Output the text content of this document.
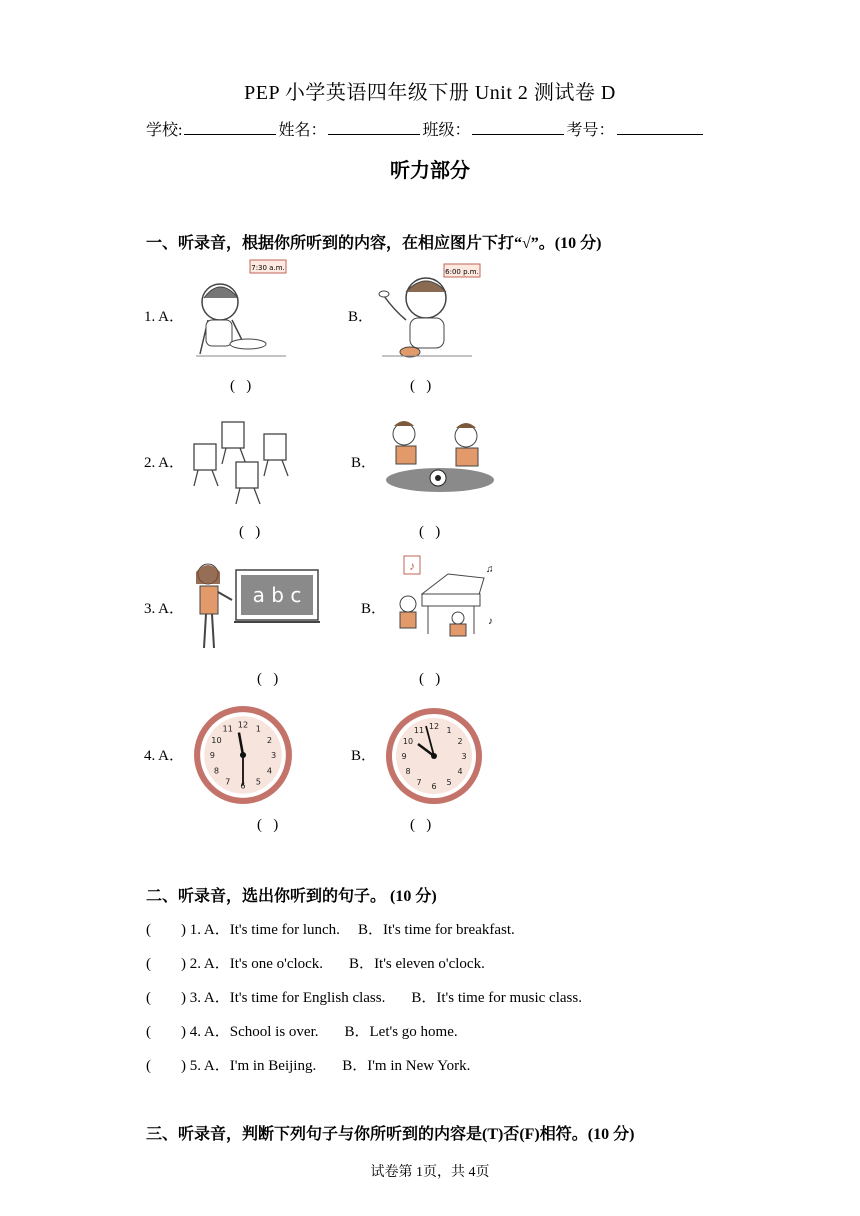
PEP 小学英语四年级下册 Unit 2 测试卷 D
学校:	姓名：	班级：	考号：
听力部分
一、听录音，根据你所听到的内容，在相应图片下打“√”。(10 分)
1. A．
7:30 a.m.
B．
6:00 p.m.
(   )	(   )
2. A．	B．
(   )	(   )
3. A．
a b c
B．
♪	♫
♪
(   )	(   )
4. A．
1
2
3
4
5
6
7
8
9
10
11 12
B．
1
2
3
4
5
6
7
8
9
10
11 12
(   )	(   )
二、听录音，选出你听到的句子。 (10 分)
(        ) 1. A．It's time for lunch. B．It's time for breakfast.
(        ) 2. A．It's one o'clock. B．It's eleven o'clock.
(        ) 3. A．It's time for English class. B．It's time for music class.
(        ) 4. A．School is over. B．Let's go home.
(        ) 5. A．I'm in Beijing. B．I'm in New York.
三、听录音，判断下列句子与你所听到的内容是(T)否(F)相符。(10 分)
试卷第 1页，共 4页
